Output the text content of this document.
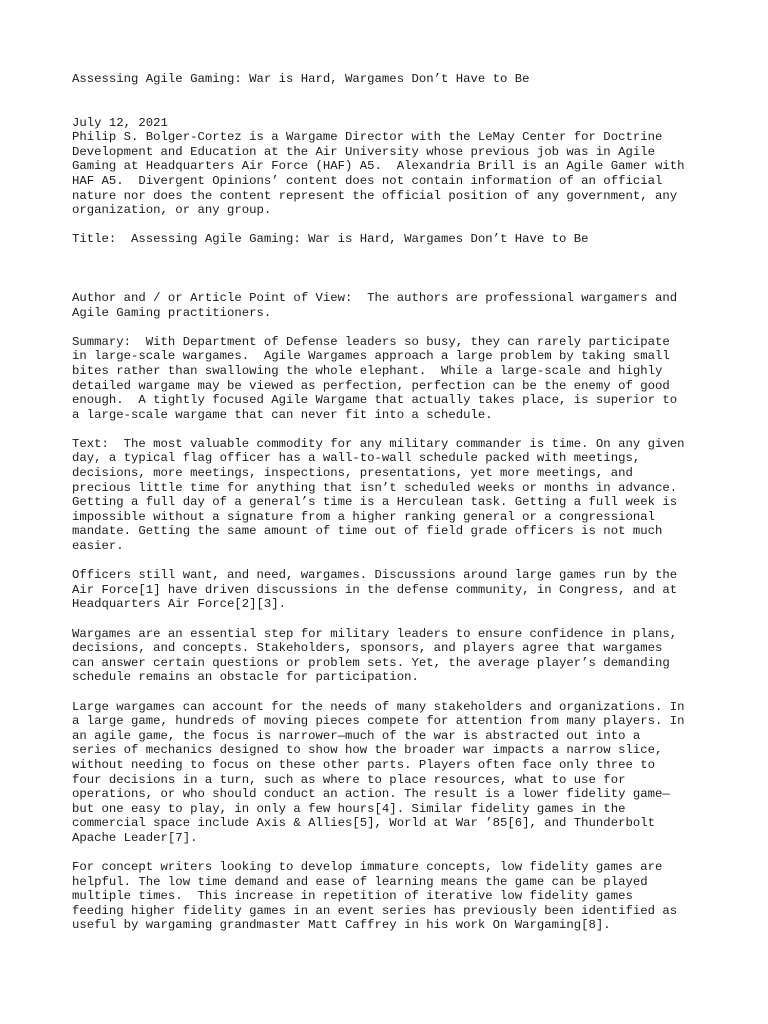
Assessing Agile Gaming: War is Hard, Wargames Don’t Have to Be
July 12, 2021
Philip S. Bolger-Cortez is a Wargame Director with the LeMay Center for Doctrine
Development and Education at the Air University whose previous job was in Agile
Gaming at Headquarters Air Force (HAF) A5.  Alexandria Brill is an Agile Gamer with
HAF A5.  Divergent Opinions’ content does not contain information of an official
nature nor does the content represent the official position of any government, any
organization, or any group.
Title:  Assessing Agile Gaming: War is Hard, Wargames Don’t Have to Be
Author and / or Article Point of View:  The authors are professional wargamers and
Agile Gaming practitioners.
Summary:  With Department of Defense leaders so busy, they can rarely participate
in large-scale wargames.  Agile Wargames approach a large problem by taking small
bites rather than swallowing the whole elephant.  While a large-scale and highly
detailed wargame may be viewed as perfection, perfection can be the enemy of good
enough.  A tightly focused Agile Wargame that actually takes place, is superior to
a large-scale wargame that can never fit into a schedule.
Text:  The most valuable commodity for any military commander is time. On any given
day, a typical flag officer has a wall-to-wall schedule packed with meetings,
decisions, more meetings, inspections, presentations, yet more meetings, and
precious little time for anything that isn’t scheduled weeks or months in advance.
Getting a full day of a general’s time is a Herculean task. Getting a full week is
impossible without a signature from a higher ranking general or a congressional
mandate. Getting the same amount of time out of field grade officers is not much
easier.
Officers still want, and need, wargames. Discussions around large games run by the
Air Force[1] have driven discussions in the defense community, in Congress, and at
Headquarters Air Force[2][3].
Wargames are an essential step for military leaders to ensure confidence in plans,
decisions, and concepts. Stakeholders, sponsors, and players agree that wargames
can answer certain questions or problem sets. Yet, the average player’s demanding
schedule remains an obstacle for participation.
Large wargames can account for the needs of many stakeholders and organizations. In
a large game, hundreds of moving pieces compete for attention from many players. In
an agile game, the focus is narrower—much of the war is abstracted out into a
series of mechanics designed to show how the broader war impacts a narrow slice,
without needing to focus on these other parts. Players often face only three to
four decisions in a turn, such as where to place resources, what to use for
operations, or who should conduct an action. The result is a lower fidelity game—
but one easy to play, in only a few hours[4]. Similar fidelity games in the
commercial space include Axis & Allies[5], World at War ’85[6], and Thunderbolt
Apache Leader[7].
For concept writers looking to develop immature concepts, low fidelity games are
helpful. The low time demand and ease of learning means the game can be played
multiple times.  This increase in repetition of iterative low fidelity games
feeding higher fidelity games in an event series has previously been identified as
useful by wargaming grandmaster Matt Caffrey in his work On Wargaming[8].
